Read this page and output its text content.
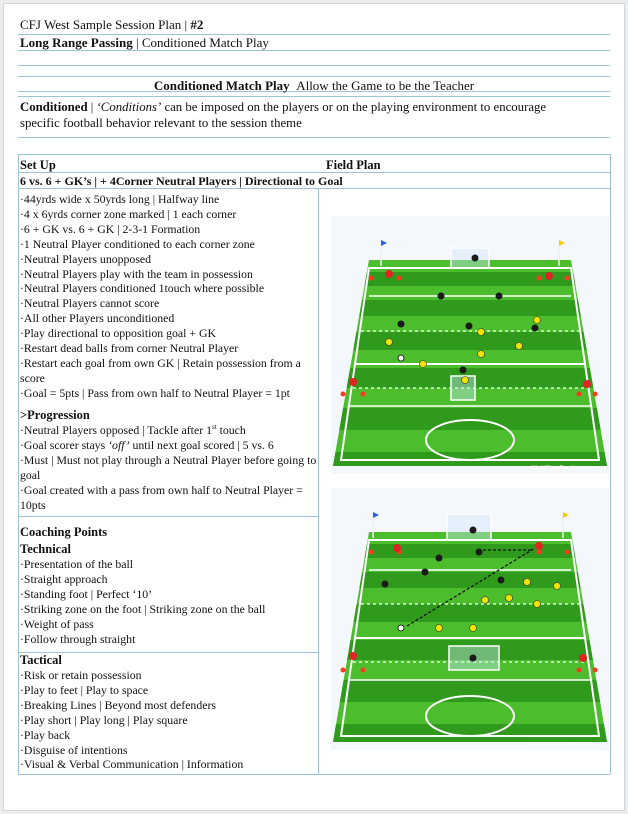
CFJ West Sample Session Plan | #2
Long Range Passing | Conditioned Match Play
Conditioned Match Play Allow the Game to be the Teacher
Conditioned | ‘Conditions’ can be imposed on the players or on the playing environment to encourage
specific football behavior relevant to the session theme
Set Up	Field Plan
6 vs. 6 + GK’s | + 4Corner Neutral Players | Directional to Goal
·44yrds wide x 50yrds long | Halfway line
·4 x 6yrds corner zone marked | 1 each corner
·6 + GK vs. 6 + GK | 2-3-1 Formation
·1 Neutral Player conditioned to each corner zone
·Neutral Players unopposed
·Neutral Players play with the team in possession
·Neutral Players conditioned 1touch where possible
·Neutral Players cannot score
·All other Players unconditioned
·Play directional to opposition goal + GK
·Restart dead balls from corner Neutral Player
·Restart each goal from own GK | Retain possession from a score
·Goal = 5pts | Pass from own half to Neutral Player = 1pt
>Progression
·Neutral Players opposed | Tackle after 1st touch
·Goal scorer stays ‘off’ until next goal scored | 5 vs. 6
·Must | Must not play through a Neutral Player before going to goal
·Goal created with a pass from own half to Neutral Player = 10pts
Coaching Points
Technical
·Presentation of the ball
·Straight approach
·Standing foot | Perfect ‘10’
·Striking zone on the foot | Striking zone on the ball
·Weight of pass
·Follow through straight
Tactical
·Risk or retain possession
·Play to feet | Play to space
·Breaking Lines | Beyond most defenders
·Play short | Play long | Play square
·Play back
·Disguise of intentions
·Visual & Verbal Communication | Information
WorldClassCoaching.com
WorldClassCoaching.com
